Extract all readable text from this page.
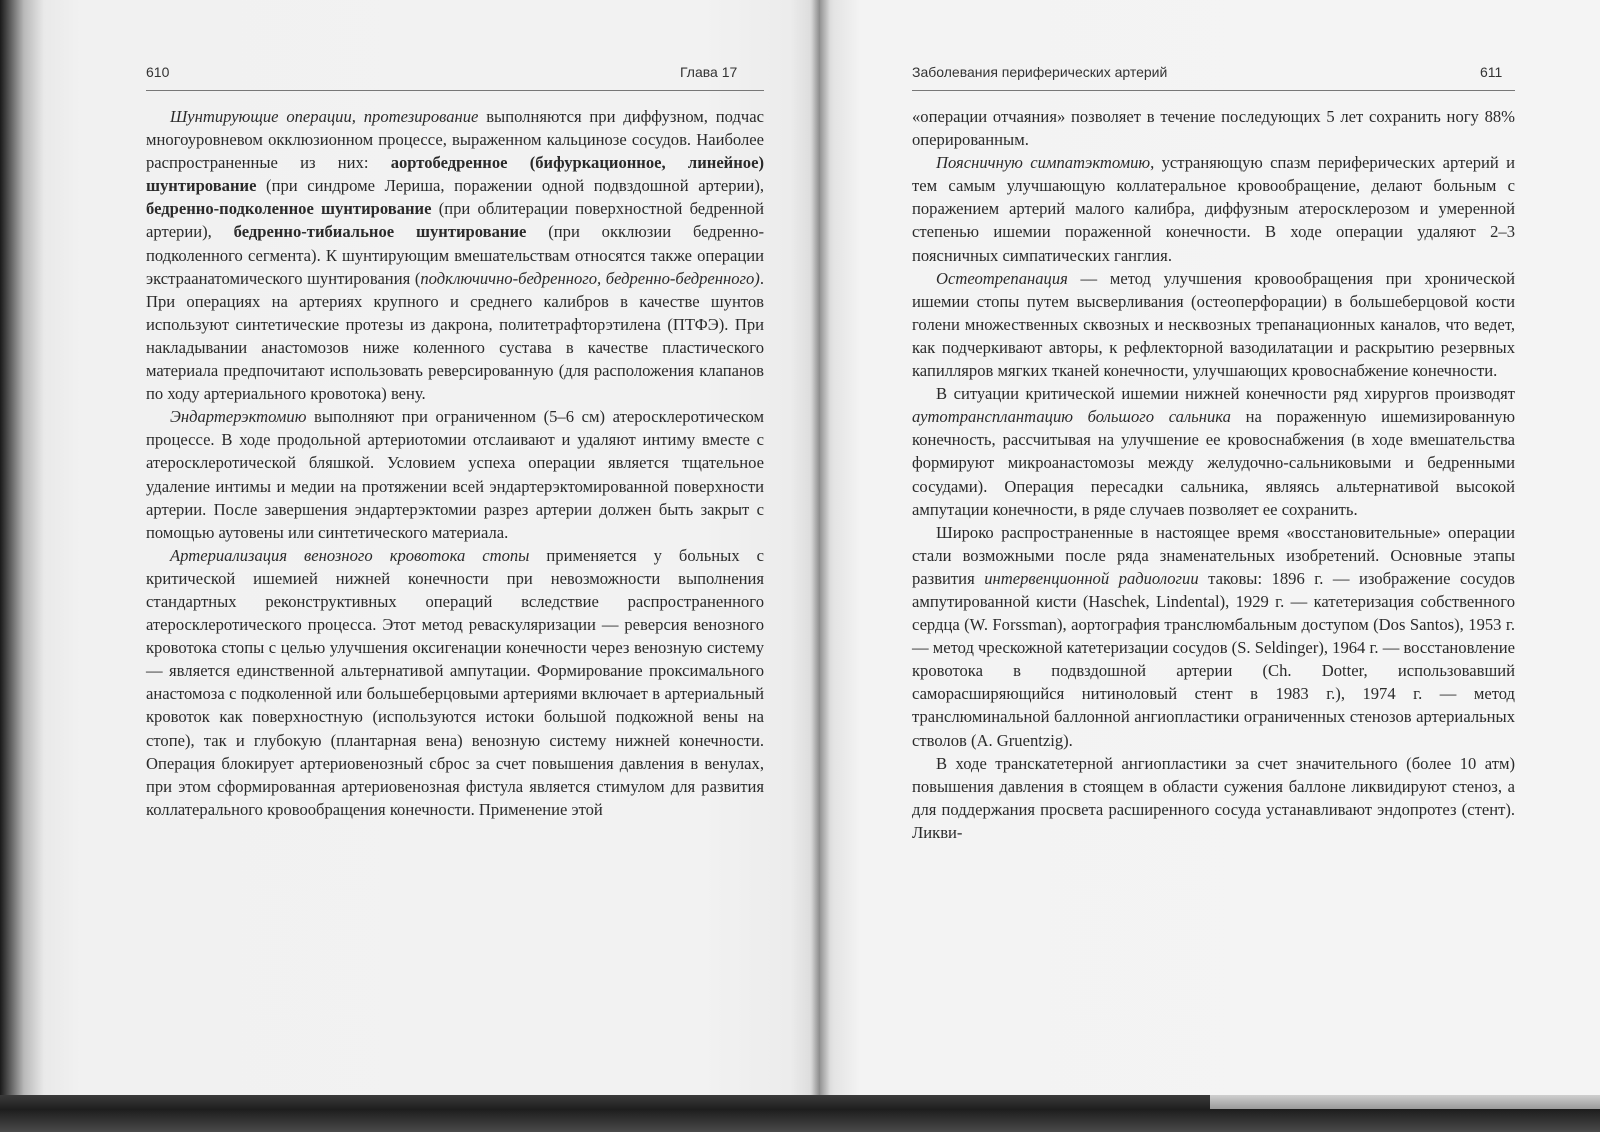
610	Глава 17

Шунтирующие операции, протезирование выполняются при диффузном, подчас многоуровневом окклюзионном процессе, выраженном кальцинозе сосудов. Наиболее распространенные из них: аортобедренное (бифуркационное, линейное) шунтирование (при синдроме Лериша, поражении одной подвздошной артерии), бедренно-подколенное шунтирование (при облитерации поверхностной бедренной артерии), бедренно-тибиальное шунтирование (при окклюзии бедренно-подколенного сегмента). К шунтирующим вмешательствам относятся также операции экстраанатомического шунтирования (подключично-бедренного, бедренно-бедренного). При операциях на артериях крупного и среднего калибров в качестве шунтов используют синтетические протезы из дакрона, политетрафторэтилена (ПТФЭ). При накладывании анастомозов ниже коленного сустава в качестве пластического материала предпочитают использовать реверсированную (для расположения клапанов по ходу артериального кровотока) вену.

Эндартерэктомию выполняют при ограниченном (5–6 см) атеросклеротическом процессе. В ходе продольной артериотомии отслаивают и удаляют интиму вместе с атеросклеротической бляшкой. Условием успеха операции является тщательное удаление интимы и медии на протяжении всей эндартерэктомированной поверхности артерии. После завершения эндартерэктомии разрез артерии должен быть закрыт с помощью аутовены или синтетического материала.

Артериализация венозного кровотока стопы применяется у больных с критической ишемией нижней конечности при невозможности выполнения стандартных реконструктивных операций вследствие распространенного атеросклеротического процесса. Этот метод реваскуляризации — реверсия венозного кровотока стопы с целью улучшения оксигенации конечности через венозную систему — является единственной альтернативой ампутации. Формирование проксимального анастомоза с подколенной или большеберцовыми артериями включает в артериальный кровоток как поверхностную (используются истоки большой подкожной вены на стопе), так и глубокую (плантарная вена) венозную систему нижней конечности. Операция блокирует артериовенозный сброс за счет повышения давления в венулах, при этом сформированная артериовенозная фистула является стимулом для развития коллатерального кровообращения конечности. Применение этой

Заболевания периферических артерий	611

«операции отчаяния» позволяет в течение последующих 5 лет сохранить ногу 88% оперированным.

Поясничную симпатэктомию, устраняющую спазм периферических артерий и тем самым улучшающую коллатеральное кровообращение, делают больным с поражением артерий малого калибра, диффузным атеросклерозом и умеренной степенью ишемии пораженной конечности. В ходе операции удаляют 2–3 поясничных симпатических ганглия.

Остеотрепанация — метод улучшения кровообращения при хронической ишемии стопы путем высверливания (остеоперфорации) в большеберцовой кости голени множественных сквозных и несквозных трепанационных каналов, что ведет, как подчеркивают авторы, к рефлекторной вазодилатации и раскрытию резервных капилляров мягких тканей конечности, улучшающих кровоснабжение конечности.

В ситуации критической ишемии нижней конечности ряд хирургов производят аутотрансплантацию большого сальника на пораженную ишемизированную конечность, рассчитывая на улучшение ее кровоснабжения (в ходе вмешательства формируют микроанастомозы между желудочно-сальниковыми и бедренными сосудами). Операция пересадки сальника, являясь альтернативой высокой ампутации конечности, в ряде случаев позволяет ее сохранить.

Широко распространенные в настоящее время «восстановительные» операции стали возможными после ряда знаменательных изобретений. Основные этапы развития интервенционной радиологии таковы: 1896 г. — изображение сосудов ампутированной кисти (Haschek, Lindental), 1929 г. — катетеризация собственного сердца (W. Forssman), аортография транслюмбальным доступом (Dos Santos), 1953 г. — метод чрескожной катетеризации сосудов (S. Seldinger), 1964 г. — восстановление кровотока в подвздошной артерии (Ch. Dotter, использовавший саморасширяющийся нитиноловый стент в 1983 г.), 1974 г. — метод транслюминальной баллонной ангиопластики ограниченных стенозов артериальных стволов (A. Gruentzig).

В ходе транскатетерной ангиопластики за счет значительного (более 10 атм) повышения давления в стоящем в области сужения баллоне ликвидируют стеноз, а для поддержания просвета расширенного сосуда устанавливают эндопротез (стент). Ликви-
